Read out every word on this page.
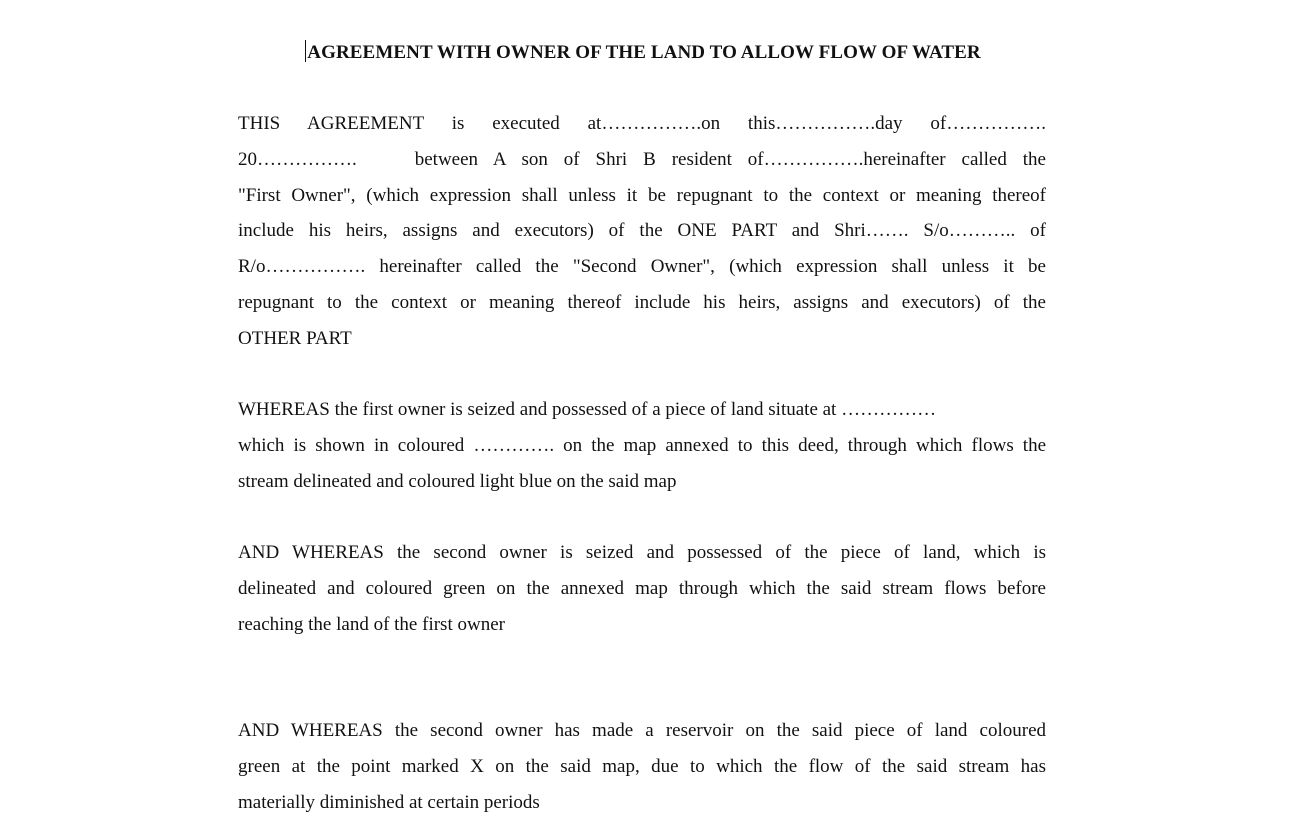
AGREEMENT WITH OWNER OF THE LAND TO ALLOW FLOW OF WATER
THIS AGREEMENT is executed at…………….on this…………….day of…………….
20…………….	between A son of Shri B resident of…………….hereinafter called the
"First Owner", (which expression shall unless it be repugnant to the context or meaning thereof
include his heirs, assigns and executors) of the ONE PART and Shri……. S/o……….. of
R/o……………. hereinafter called the "Second Owner", (which expression shall unless it be
repugnant to the context or meaning thereof include his heirs, assigns and executors) of the
OTHER PART
WHEREAS the first owner is seized and possessed of a piece of land situate at ……………
which is shown in coloured …………. on the map annexed to this deed, through which flows the
stream delineated and coloured light blue on the said map
AND WHEREAS the second owner is seized and possessed of the piece of land, which is
delineated and coloured green on the annexed map through which the said stream flows before
reaching the land of the first owner
AND WHEREAS the second owner has made a reservoir on the said piece of land coloured
green at the point marked X on the said map, due to which the flow of the said stream has
materially diminished at certain periods
